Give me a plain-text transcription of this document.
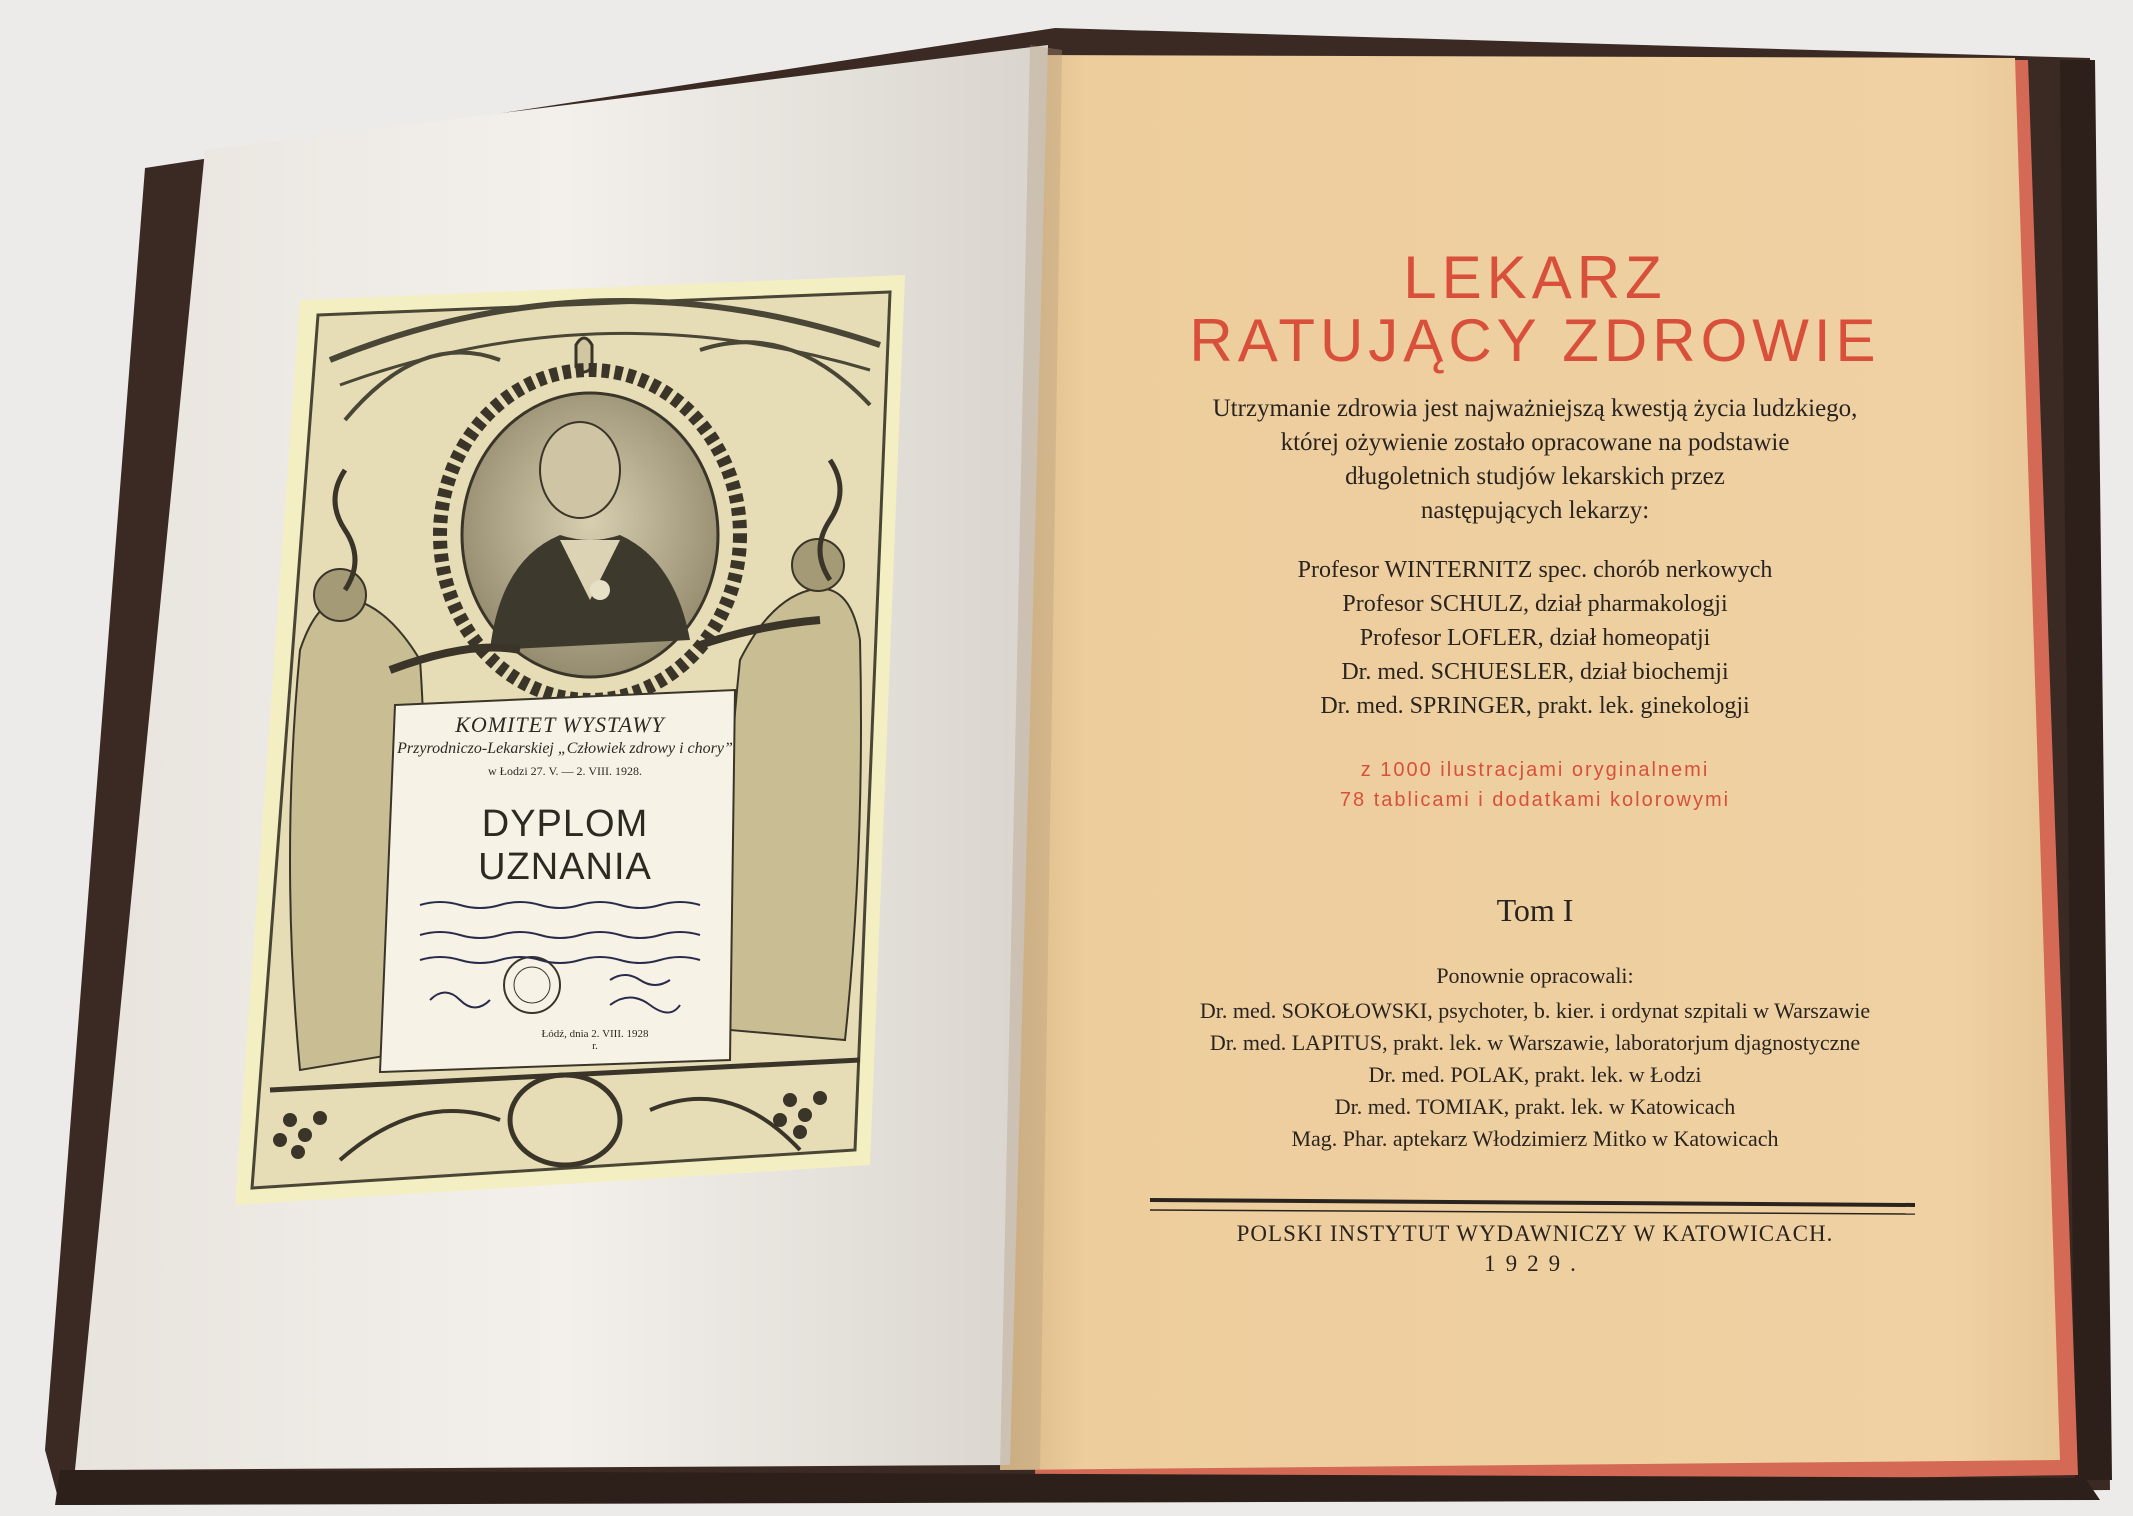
KOMITET WYSTAWY
Przyrodniczo-Lekarskiej „Człowiek zdrowy i chory”
w Łodzi 27. V. — 2. VIII. 1928.
DYPLOM UZNANIA
Łódź, dnia 2. VIII. 1928 r.
LEKARZ
RATUJĄCY ZDROWIE
Utrzymanie zdrowia jest najważniejszą kwestją życia ludzkiego,
której ożywienie zostało opracowane na podstawie
długoletnich studjów lekarskich przez
następujących lekarzy:
Profesor WINTERNITZ spec. chorób nerkowych
Profesor SCHULZ, dział pharmakologji
Profesor LOFLER, dział homeopatji
Dr. med. SCHUESLER, dział biochemji
Dr. med. SPRINGER, prakt. lek. ginekologji
z 1000 ilustracjami oryginalnemi
78 tablicami i dodatkami kolorowymi
Tom I
Ponownie opracowali:
Dr. med. SOKOŁOWSKI, psychoter, b. kier. i ordynat szpitali w Warszawie
Dr. med. LAPITUS, prakt. lek. w Warszawie, laboratorjum djagnostyczne
Dr. med. POLAK, prakt. lek. w Łodzi
Dr. med. TOMIAK, prakt. lek. w Katowicach
Mag. Phar. aptekarz Włodzimierz Mitko w Katowicach
POLSKI INSTYTUT WYDAWNICZY W KATOWICACH.
1929.
